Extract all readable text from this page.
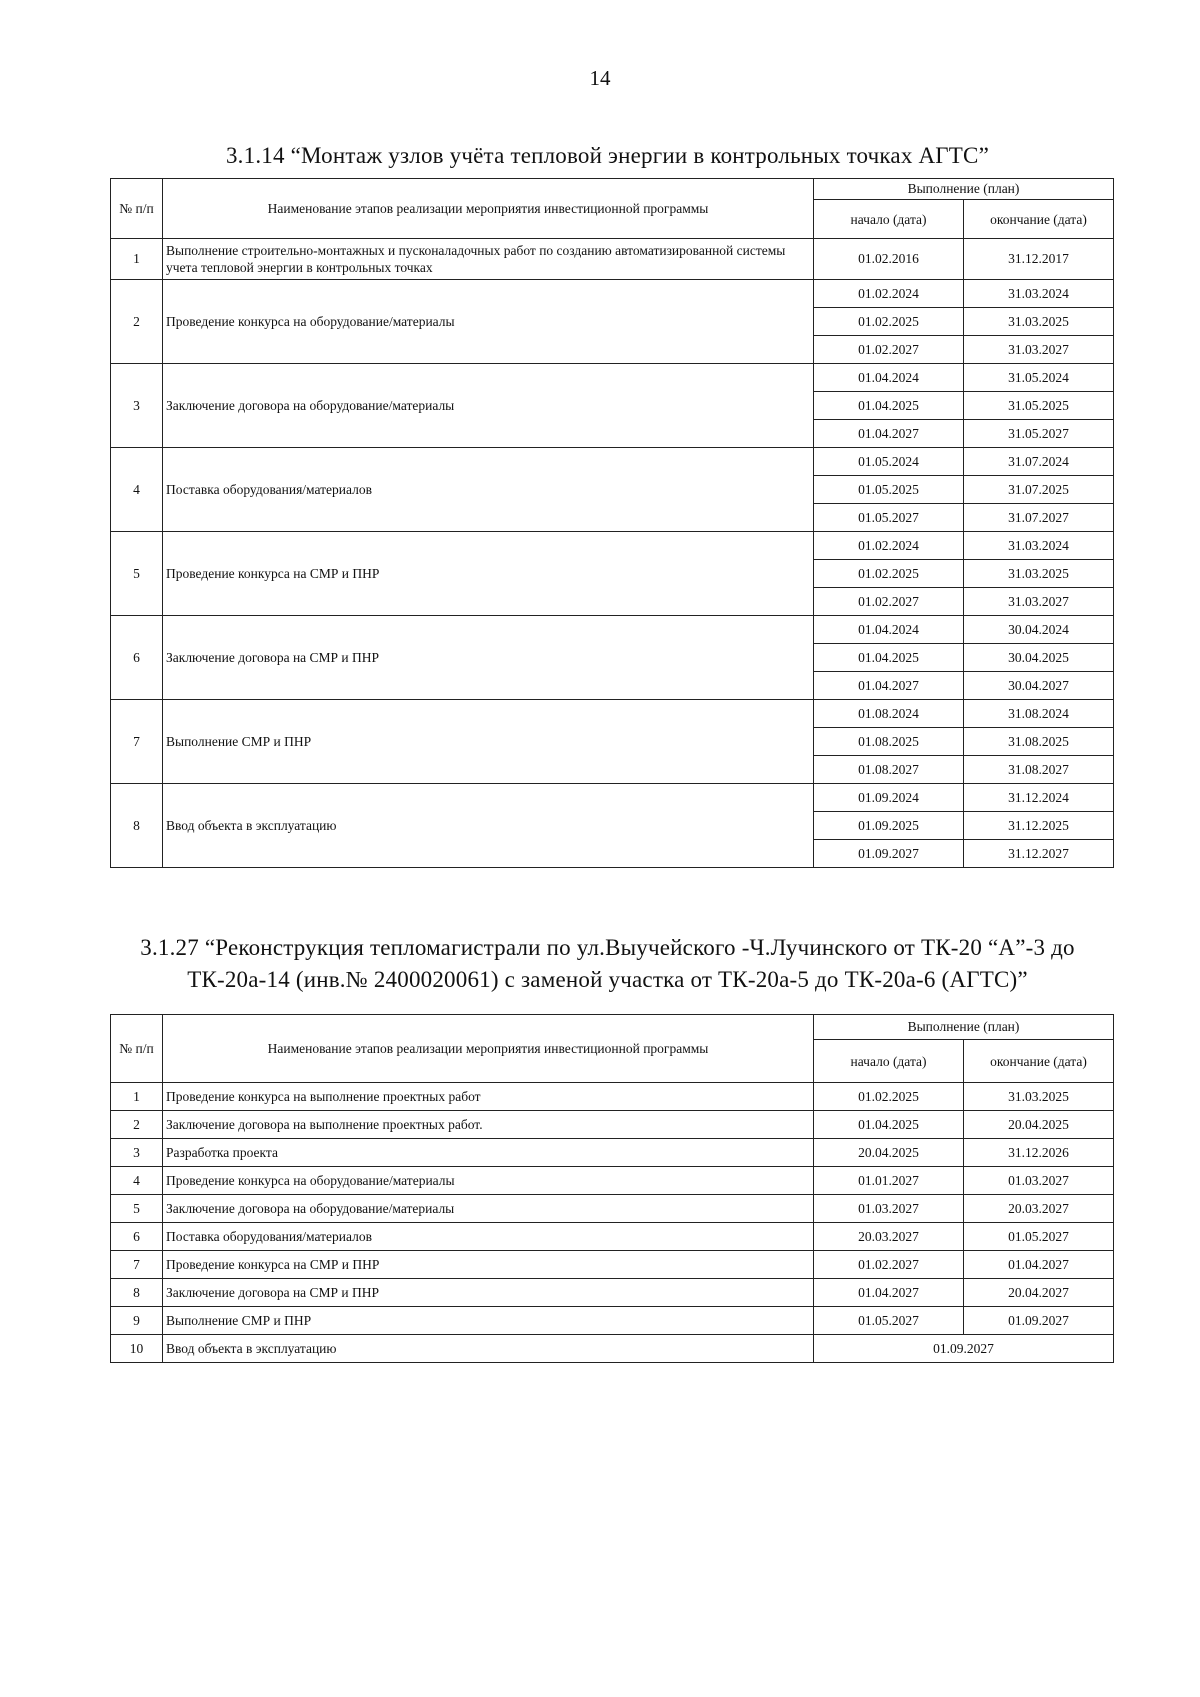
14
3.1.14 “Монтаж узлов учёта тепловой энергии в контрольных точках АГТС”
№ п/п	Наименование этапов реализации мероприятия инвестиционной программы	Выполнение (план)	
		начало (дата)	окончание (дата)
1	Выполнение строительно-монтажных и пусконаладочных работ по созданию автоматизированной системы учета тепловой энергии в контрольных точках	01.02.2016	31.12.2017
2	Проведение конкурса на оборудование/материалы	01.02.2024	31.03.2024
		01.02.2025	31.03.2025
		01.02.2027	31.03.2027
3	Заключение договора на оборудование/материалы	01.04.2024	31.05.2024
		01.04.2025	31.05.2025
		01.04.2027	31.05.2027
4	Поставка оборудования/материалов	01.05.2024	31.07.2024
		01.05.2025	31.07.2025
		01.05.2027	31.07.2027
5	Проведение конкурса на СМР и ПНР	01.02.2024	31.03.2024
		01.02.2025	31.03.2025
		01.02.2027	31.03.2027
6	Заключение договора на СМР и ПНР	01.04.2024	30.04.2024
		01.04.2025	30.04.2025
		01.04.2027	30.04.2027
7	Выполнение СМР и ПНР	01.08.2024	31.08.2024
		01.08.2025	31.08.2025
		01.08.2027	31.08.2027
8	Ввод объекта в эксплуатацию	01.09.2024	31.12.2024
		01.09.2025	31.12.2025
		01.09.2027	31.12.2027
3.1.27 “Реконструкция тепломагистрали по ул.Выучейского -Ч.Лучинского от ТК-20 “А”-3 до ТК-20а-14 (инв.№ 2400020061) с заменой участка от ТК-20а-5 до ТК-20а-6 (АГТС)”
№ п/п	Наименование этапов реализации мероприятия инвестиционной программы	Выполнение (план)	
		начало (дата)	окончание (дата)
1	Проведение конкурса на выполнение проектных работ	01.02.2025	31.03.2025
2	Заключение договора на выполнение проектных работ.	01.04.2025	20.04.2025
3	Разработка проекта	20.04.2025	31.12.2026
4	Проведение конкурса на оборудование/материалы	01.01.2027	01.03.2027
5	Заключение договора на оборудование/материалы	01.03.2027	20.03.2027
6	Поставка оборудования/материалов	20.03.2027	01.05.2027
7	Проведение конкурса на СМР и ПНР	01.02.2027	01.04.2027
8	Заключение договора на СМР и ПНР	01.04.2027	20.04.2027
9	Выполнение СМР и ПНР	01.05.2027	01.09.2027
10	Ввод объекта в эксплуатацию	01.09.2027	
